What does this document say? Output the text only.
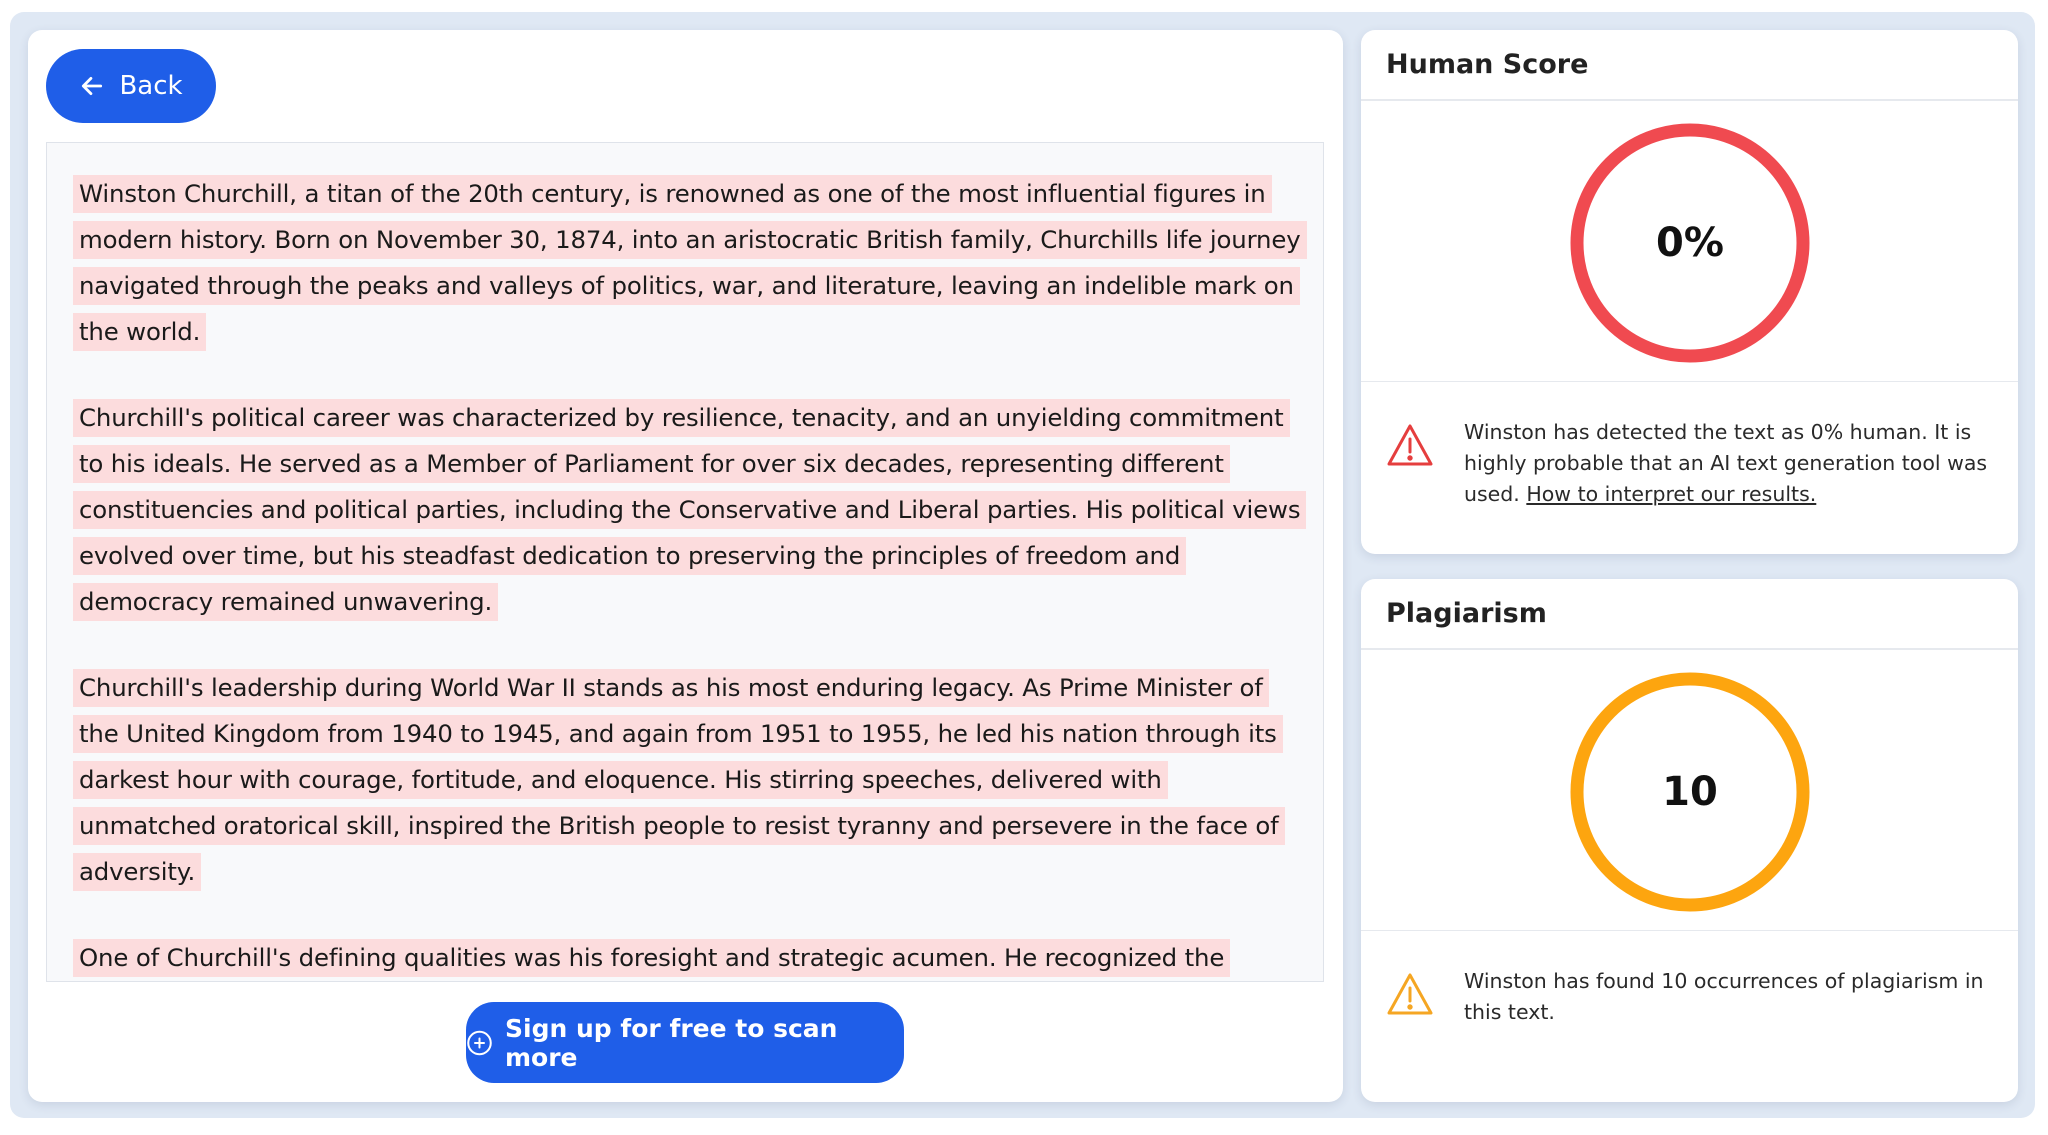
Back

Winston Churchill, a titan of the 20th century, is renowned as one of the most influential figures in modern history. Born on November 30, 1874, into an aristocratic British family, Churchills life journey navigated through the peaks and valleys of politics, war, and literature, leaving an indelible mark on the world.

Churchill's political career was characterized by resilience, tenacity, and an unyielding commitment to his ideals. He served as a Member of Parliament for over six decades, representing different constituencies and political parties, including the Conservative and Liberal parties. His political views evolved over time, but his steadfast dedication to preserving the principles of freedom and democracy remained unwavering.

Churchill's leadership during World War II stands as his most enduring legacy. As Prime Minister of the United Kingdom from 1940 to 1945, and again from 1951 to 1955, he led his nation through its darkest hour with courage, fortitude, and eloquence. His stirring speeches, delivered with unmatched oratorical skill, inspired the British people to resist tyranny and persevere in the face of adversity.

One of Churchill's defining qualities was his foresight and strategic acumen. He recognized the

Sign up for free to scan more
Human Score
0%
Winston has detected the text as 0% human. It is highly probable that an AI text generation tool was used. How to interpret our results.
Plagiarism
10
Winston has found 10 occurrences of plagiarism in this text.
